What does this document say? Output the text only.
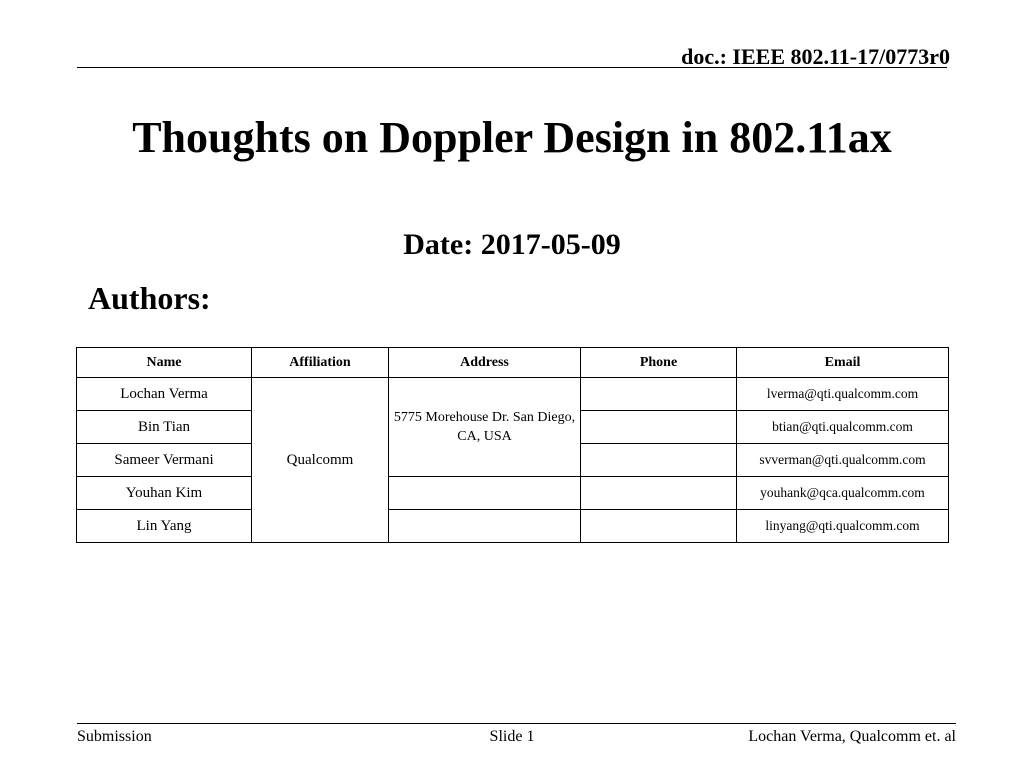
doc.: IEEE 802.11-17/0773r0
Thoughts on Doppler Design in 802.11ax
Date: 2017-05-09
Authors:
Name	Affiliation	Address	Phone	Email
Lochan Verma	Qualcomm	5775 Morehouse Dr. San Diego, CA, USA		lverma@qti.qualcomm.com
Bin Tian				btian@qti.qualcomm.com
Sameer Vermani				svverman@qti.qualcomm.com
Youhan Kim				youhank@qca.qualcomm.com
Lin Yang				linyang@qti.qualcomm.com
Submission	Slide 1	Lochan Verma, Qualcomm et. al
